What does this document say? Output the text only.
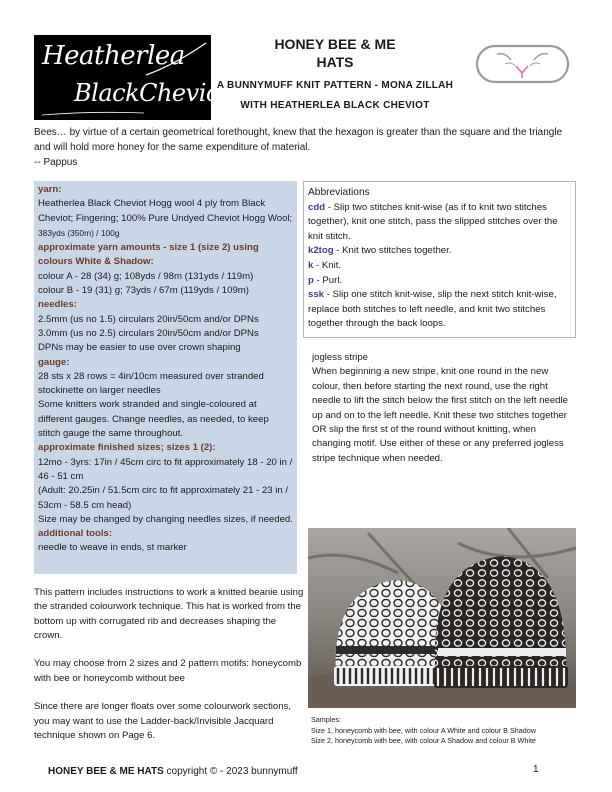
Heatherlea
BlackCheviot
HONEY BEE & ME
HATS
A BUNNYMUFF KNIT PATTERN - MONA ZILLAH
WITH HEATHERLEA BLACK CHEVIOT
Bees… by virtue of a certain geometrical forethought, knew that the hexagon is greater than the square and the triangle and will hold more honey for the same expenditure of material.
-- Pappus

yarn:

Heatherlea Black Cheviot Hogg wool 4 ply from Black Cheviot; Fingering; 100% Pure Undyed Cheviot Hogg Wool; 383yds (350m) / 100g

approximate yarn amounts - size 1 (size 2) using colours White & Shadow:

colour A - 28 (34) g; 108yds / 98m (131yds / 119m)

colour B - 19 (31) g; 73yds / 67m (119yds / 109m)

needles:

2.5mm (us no 1.5) circulars 20in/50cm and/or DPNs

3.0mm (us no 2.5) circulars 20in/50cm and/or DPNs

DPNs may be easier to use over crown shaping

gauge:

28 sts x 28 rows = 4in/10cm measured over stranded stockinette on larger needles

Some knitters work stranded and single-coloured at different gauges. Change needles, as needed, to keep stitch gauge the same throughout.

approximate finished sizes; sizes 1 (2):

12mo - 3yrs: 17in / 45cm circ to fit approximately 18 - 20 in / 46 - 51 cm

(Adult: 20.25in / 51.5cm circ to fit approximately 21 - 23 in / 53cm - 58.5 cm head)

Size may be changed by changing needles sizes, if needed.

additional tools:

needle to weave in ends, st marker

Abbreviations

cdd - Slip two stitches knit-wise (as if to knit two stitches together), knit one stitch, pass the slipped stitches over the knit stitch.

k2tog - Knit two stitches together.

k - Knit.

p - Purl.

ssk - Slip one stitch knit-wise, slip the next stitch knit-wise, replace both stitches to left needle, and knit two stitches together through the back loops.

jogless stripe

When beginning a new stripe, knit one round in the new colour, then before starting the next round, use the right needle to lift the stitch below the first stitch on the left needle up and on to the left needle. Knit these two stitches together OR slip the first st of the round without knitting, when changing motif. Use either of these or any preferred jogless stripe technique when needed.

This pattern includes instructions to work a knitted beanie using the stranded colourwork technique. This hat is worked from the bottom up with corrugated rib and decreases shaping the crown.

You may choose from 2 sizes and 2 pattern motifs: honeycomb with bee or honeycomb without bee

Since there are longer floats over some colourwork sections, you may want to use the Ladder-back/Invisible Jacquard technique shown on Page 6.

Samples:

Size 1, honeycomb with bee, with colour A White and colour B Shadow

Size 2, honeycomb with bee, with colour A Shadow and colour B White

HONEY BEE & ME HATS copyright © - 2023 bunnymuff	1
